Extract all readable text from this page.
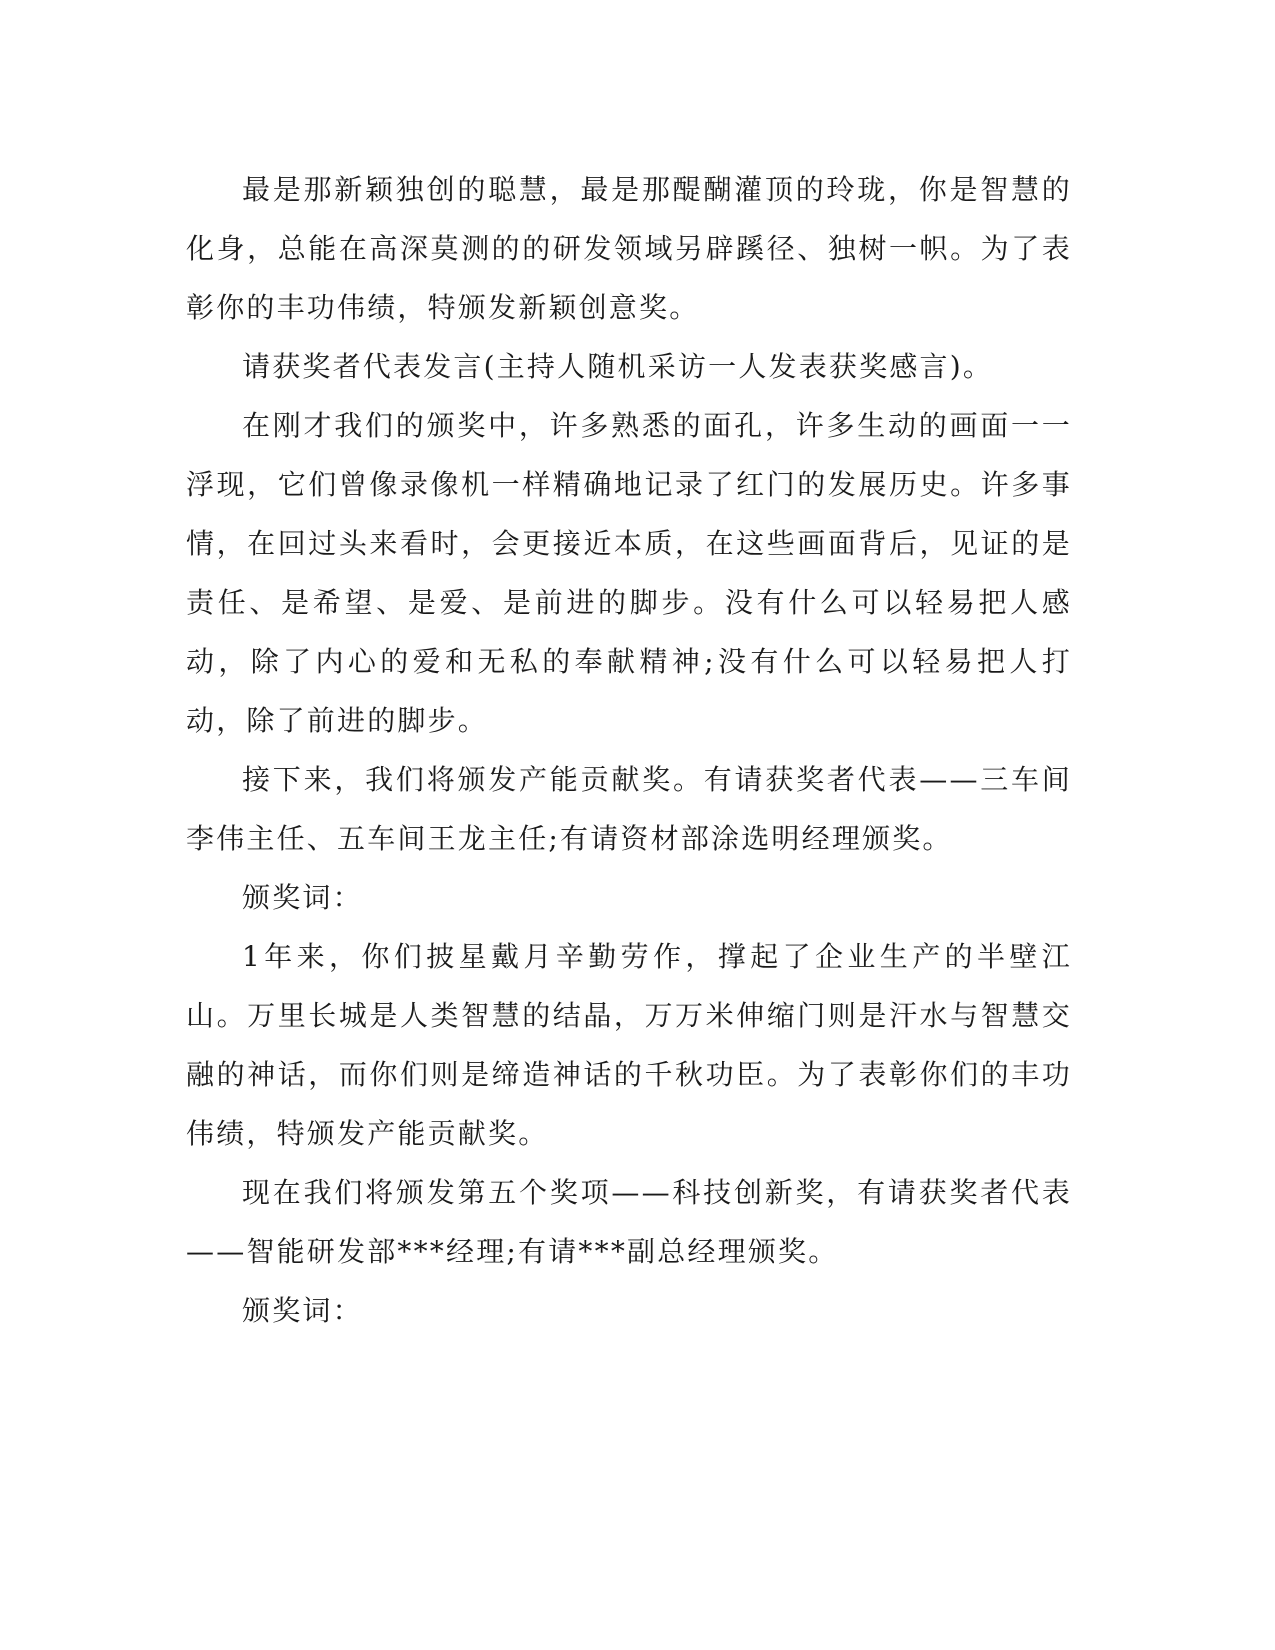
最是那新颖独创的聪慧，最是那醍醐灌顶的玲珑，你是智慧的化身，总能在高深莫测的的研发领域另辟蹊径、独树一帜。为了表彰你的丰功伟绩，特颁发新颖创意奖。

请获奖者代表发言(主持人随机采访一人发表获奖感言)。

在刚才我们的颁奖中，许多熟悉的面孔，许多生动的画面一一浮现，它们曾像录像机一样精确地记录了红门的发展历史。许多事情，在回过头来看时，会更接近本质，在这些画面背后，见证的是责任、是希望、是爱、是前进的脚步。没有什么可以轻易把人感动，除了内心的爱和无私的奉献精神;没有什么可以轻易把人打动，除了前进的脚步。

接下来，我们将颁发产能贡献奖。有请获奖者代表——三车间李伟主任、五车间王龙主任;有请资材部涂选明经理颁奖。

颁奖词：

1年来，你们披星戴月辛勤劳作，撑起了企业生产的半壁江山。万里长城是人类智慧的结晶，万万米伸缩门则是汗水与智慧交融的神话，而你们则是缔造神话的千秋功臣。为了表彰你们的丰功伟绩，特颁发产能贡献奖。

现在我们将颁发第五个奖项——科技创新奖，有请获奖者代表——智能研发部***经理;有请***副总经理颁奖。

颁奖词：
